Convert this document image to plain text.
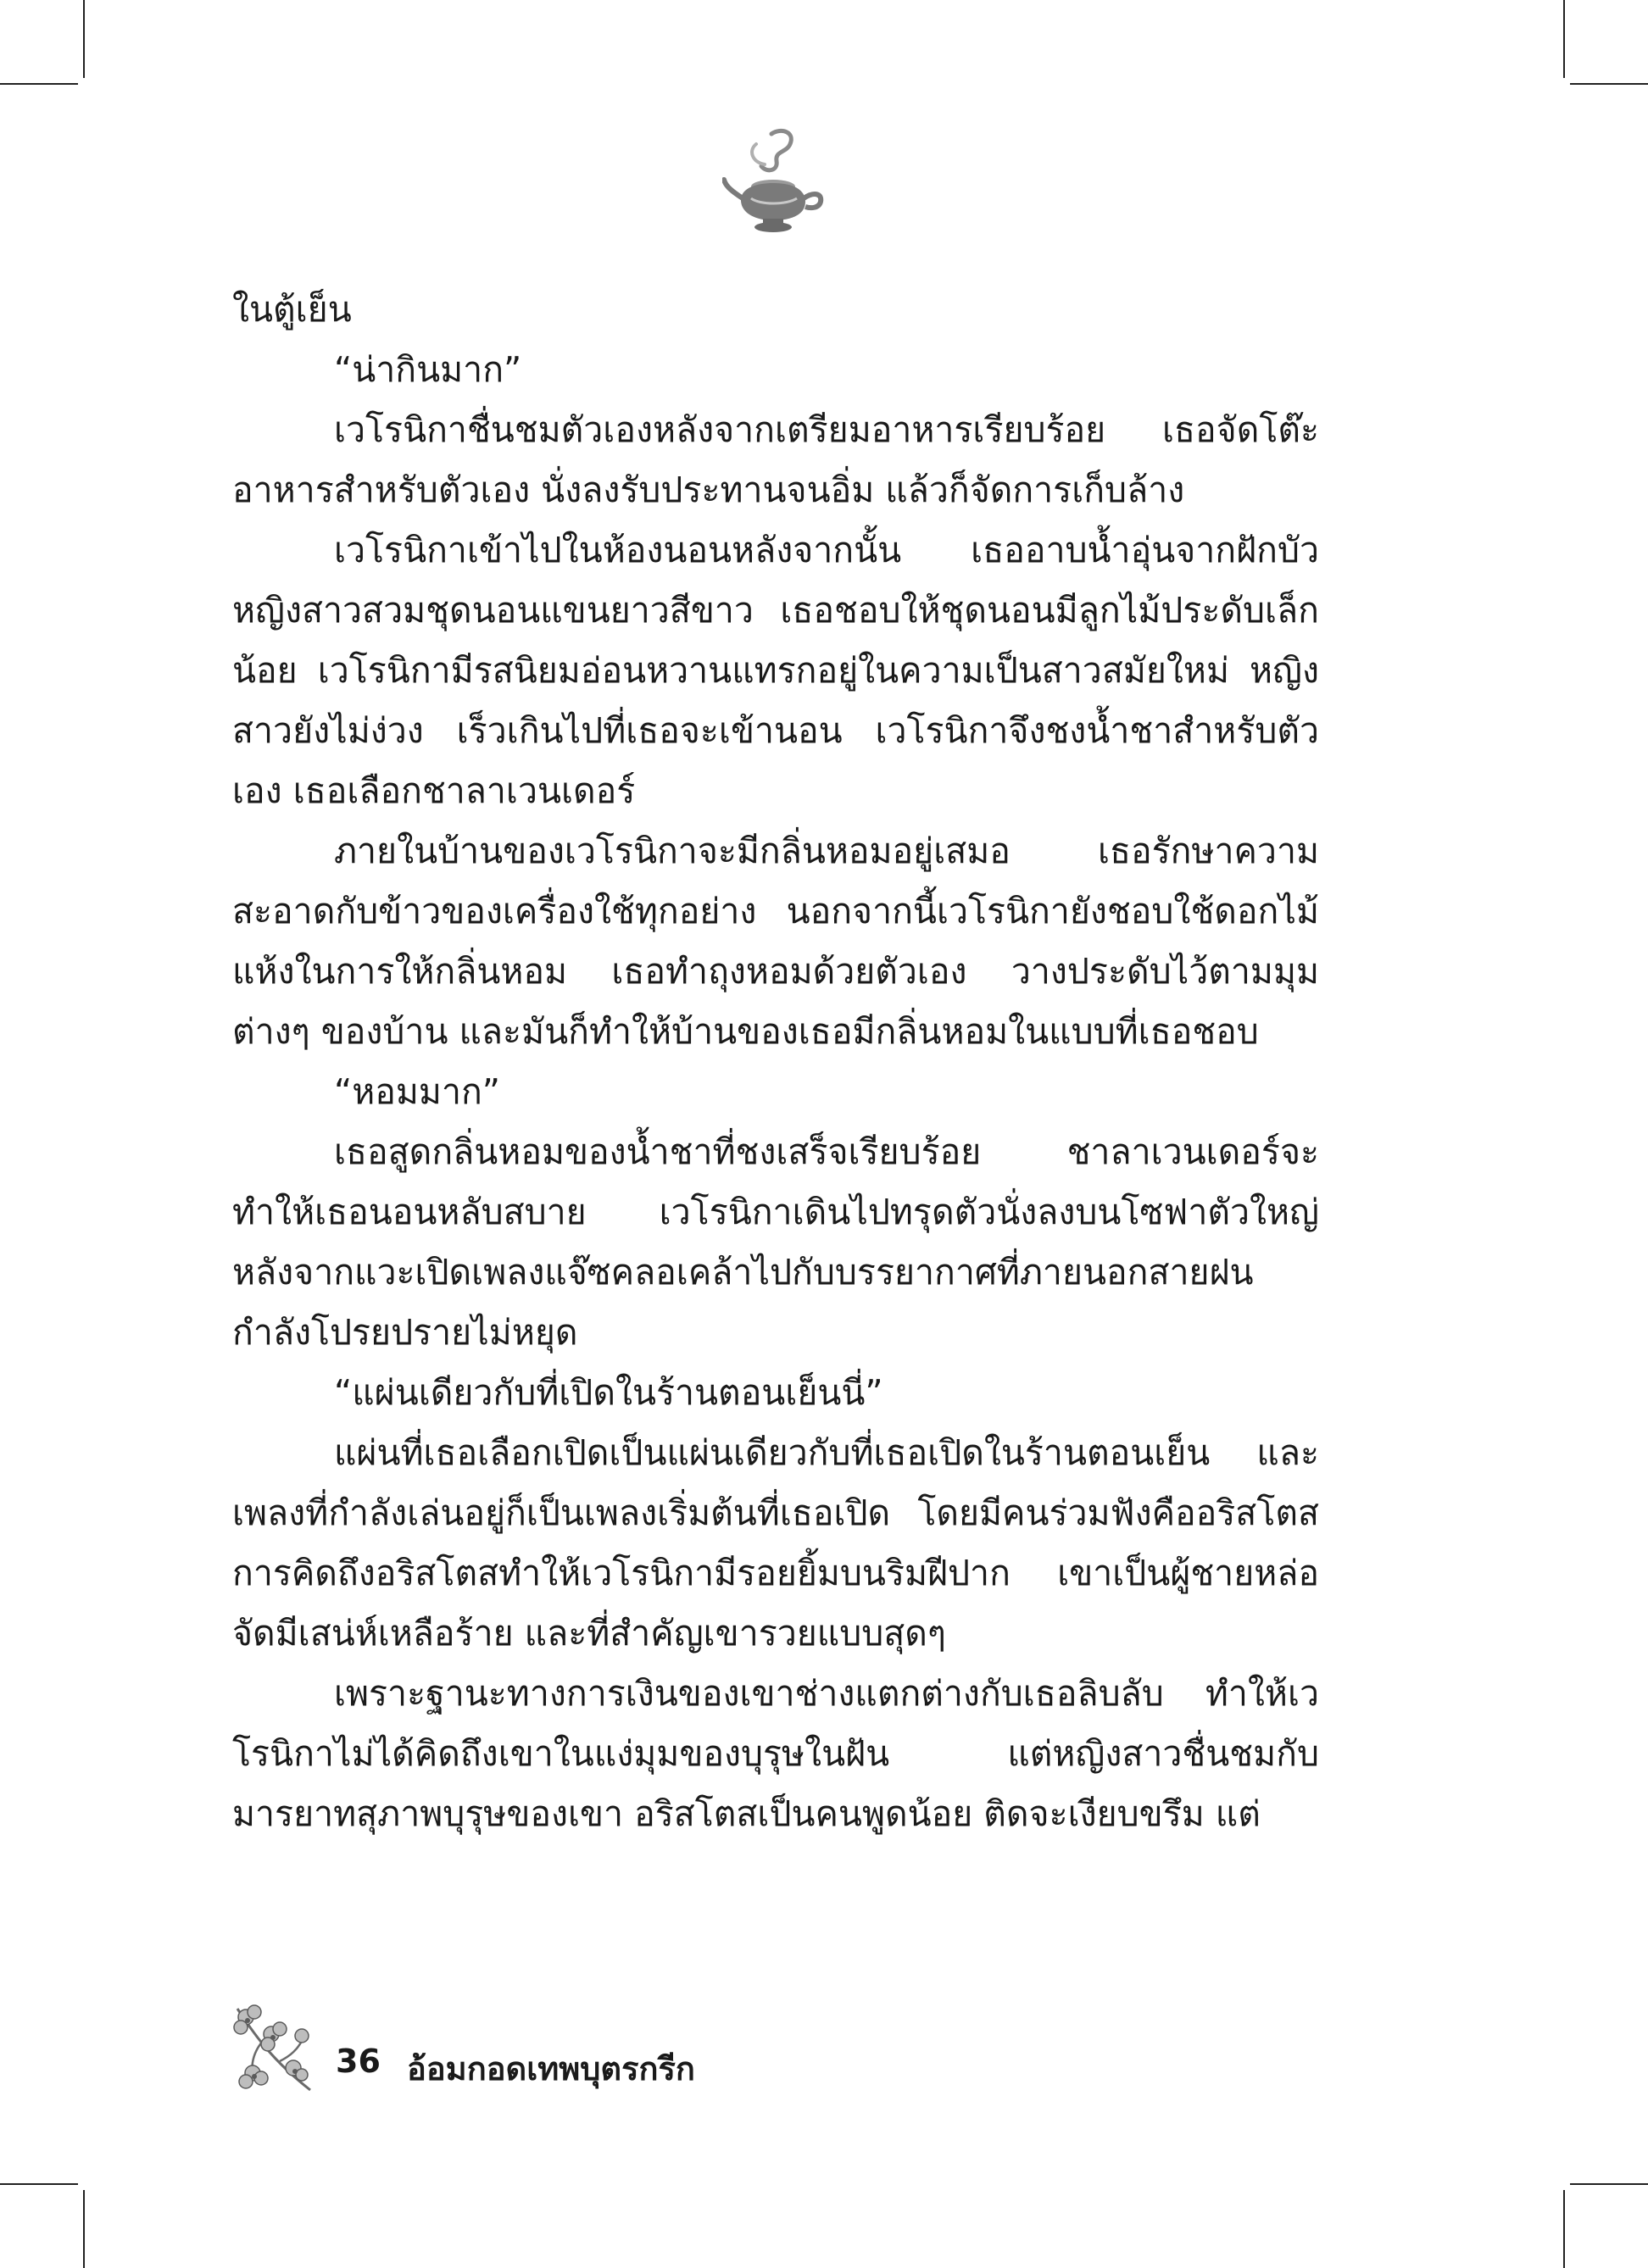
ในตู้เย็น

“น่ากินมาก”

เวโรนิกาชื่นชมตัวเองหลังจากเตรียมอาหารเรียบร้อย เธอจัดโต๊ะอาหารสำหรับตัวเอง นั่งลงรับประทานจนอิ่ม แล้วก็จัดการเก็บล้าง

เวโรนิกาเข้าไปในห้องนอนหลังจากนั้น เธออาบน้ำอุ่นจากฝักบัว หญิงสาวสวมชุดนอนแขนยาวสีขาว เธอชอบให้ชุดนอนมีลูกไม้ประดับเล็กน้อย เวโรนิกามีรสนิยมอ่อนหวานแทรกอยู่ในความเป็นสาวสมัยใหม่ หญิงสาวยังไม่ง่วง เร็วเกินไปที่เธอจะเข้านอน เวโรนิกาจึงชงน้ำชาสำหรับตัวเอง เธอเลือกชาลาเวนเดอร์

ภายในบ้านของเวโรนิกาจะมีกลิ่นหอมอยู่เสมอ เธอรักษาความสะอาดกับข้าวของเครื่องใช้ทุกอย่าง นอกจากนี้เวโรนิกายังชอบใช้ดอกไม้แห้งในการให้กลิ่นหอม เธอทำถุงหอมด้วยตัวเอง วางประดับไว้ตามมุมต่างๆ ของบ้าน และมันก็ทำให้บ้านของเธอมีกลิ่นหอมในแบบที่เธอชอบ

“หอมมาก”

เธอสูดกลิ่นหอมของน้ำชาที่ชงเสร็จเรียบร้อย ชาลาเวนเดอร์จะทำให้เธอนอนหลับสบาย เวโรนิกาเดินไปทรุดตัวนั่งลงบนโซฟาตัวใหญ่ หลังจากแวะเปิดเพลงแจ๊ซคลอเคล้าไปกับบรรยากาศที่ภายนอกสายฝนกำลังโปรยปรายไม่หยุด

“แผ่นเดียวกับที่เปิดในร้านตอนเย็นนี่”

แผ่นที่เธอเลือกเปิดเป็นแผ่นเดียวกับที่เธอเปิดในร้านตอนเย็น และเพลงที่กำลังเล่นอยู่ก็เป็นเพลงเริ่มต้นที่เธอเปิด โดยมีคนร่วมฟังคืออริสโตส การคิดถึงอริสโตสทำให้เวโรนิกามีรอยยิ้มบนริมฝีปาก เขาเป็นผู้ชายหล่อจัดมีเสน่ห์เหลือร้าย และที่สำคัญเขารวยแบบสุดๆ

เพราะฐานะทางการเงินของเขาช่างแตกต่างกับเธอลิบลับ ทำให้เวโรนิกาไม่ได้คิดถึงเขาในแง่มุมของบุรุษในฝัน แต่หญิงสาวชื่นชมกับมารยาทสุภาพบุรุษของเขา อริสโตสเป็นคนพูดน้อย ติดจะเงียบขรึม แต่

36 อ้อมกอดเทพบุตรกรีก
